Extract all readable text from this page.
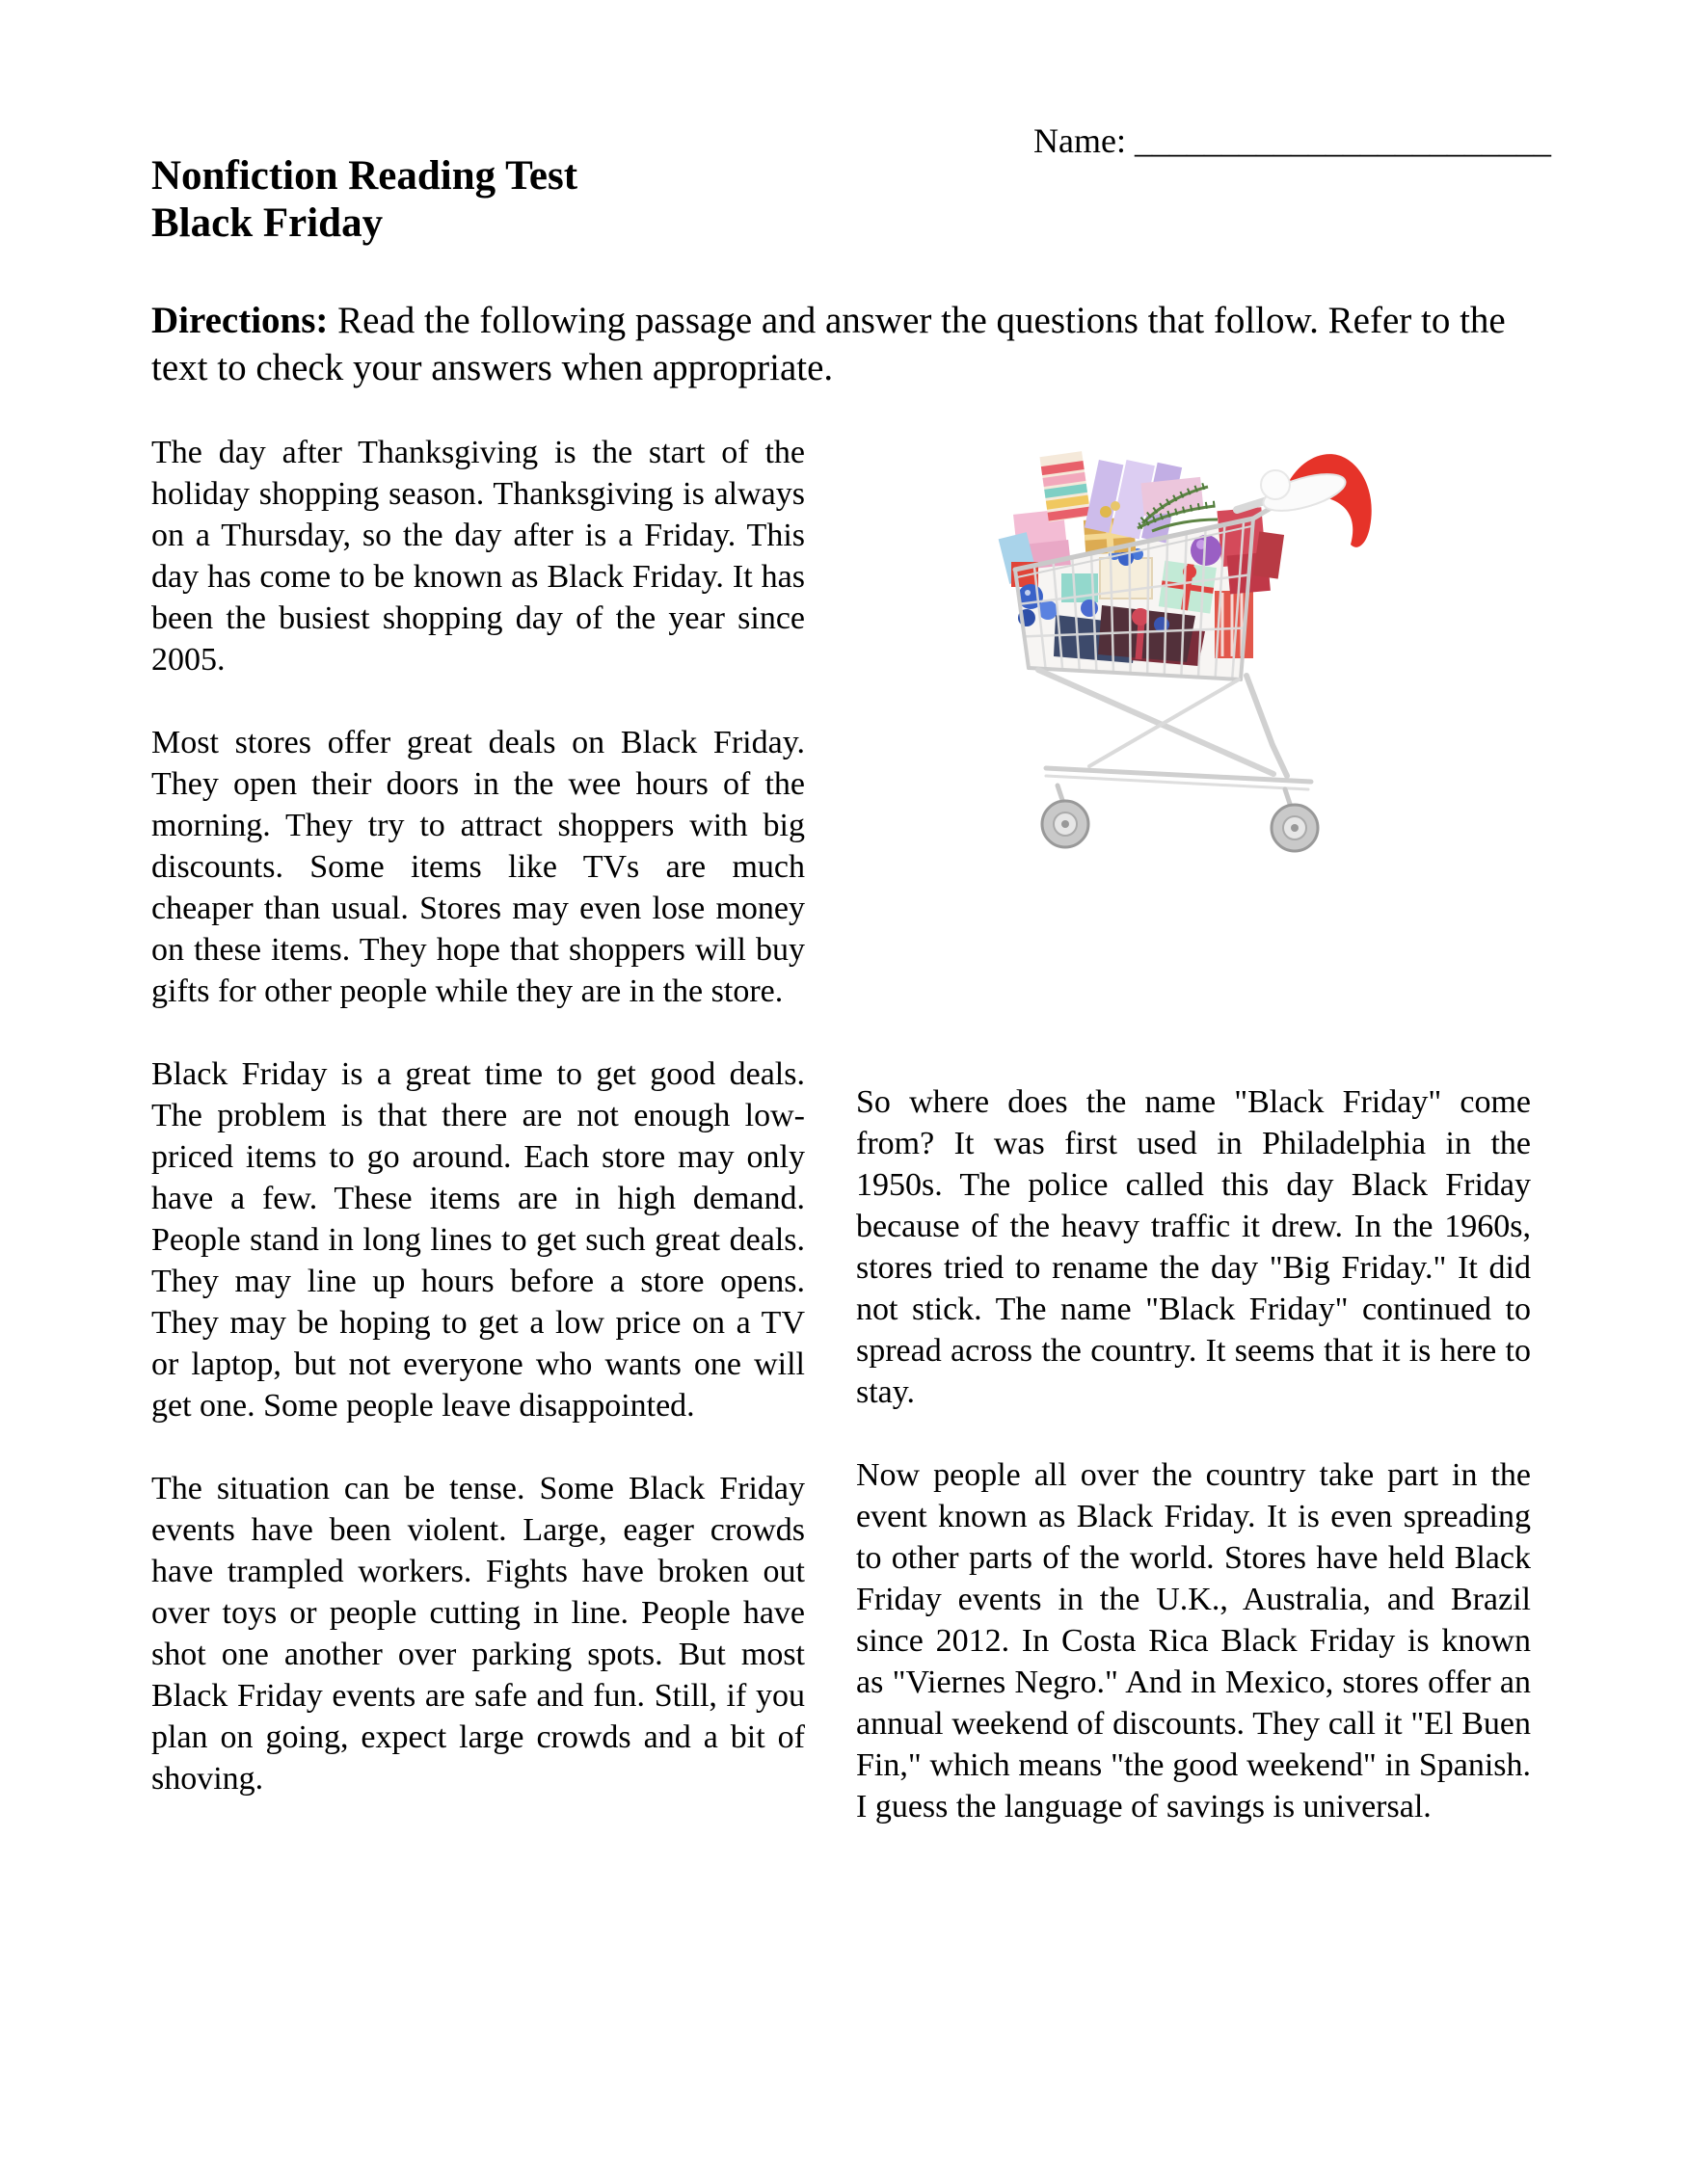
Name: ________________________
Nonfiction Reading Test
Black Friday
Directions: Read the following passage and answer the questions that follow. Refer to the text to check your answers when appropriate.

The day after Thanksgiving is the start of the holiday shopping season. Thanksgiving is always on a Thursday, so the day after is a Friday. This day has come to be known as Black Friday. It has been the busiest shopping day of the year since 2005.

Most stores offer great deals on Black Friday. They open their doors in the wee hours of the morning. They try to attract shoppers with big discounts. Some items like TVs are much cheaper than usual. Stores may even lose money on these items. They hope that shoppers will buy gifts for other people while they are in the store.

Black Friday is a great time to get good deals. The problem is that there are not enough low-priced items to go around. Each store may only have a few. These items are in high demand. People stand in long lines to get such great deals. They may line up hours before a store opens. They may be hoping to get a low price on a TV or laptop, but not everyone who wants one will get one. Some people leave disappointed.

The situation can be tense. Some Black Friday events have been violent. Large, eager crowds have trampled workers. Fights have broken out over toys or people cutting in line. People have shot one another over parking spots. But most Black Friday events are safe and fun. Still, if you plan on going, expect large crowds and a bit of shoving.

So where does the name "Black Friday" come from? It was first used in Philadelphia in the 1950s. The police called this day Black Friday because of the heavy traffic it drew. In the 1960s, stores tried to rename the day "Big Friday." It did not stick. The name "Black Friday" continued to spread across the country. It seems that it is here to stay.

Now people all over the country take part in the event known as Black Friday. It is even spreading to other parts of the world. Stores have held Black Friday events in the U.K., Australia, and Brazil since 2012. In Costa Rica Black Friday is known as "Viernes Negro." And in Mexico, stores offer an annual weekend of discounts. They call it "El Buen Fin," which means "the good weekend" in Spanish. I guess the language of savings is universal.
